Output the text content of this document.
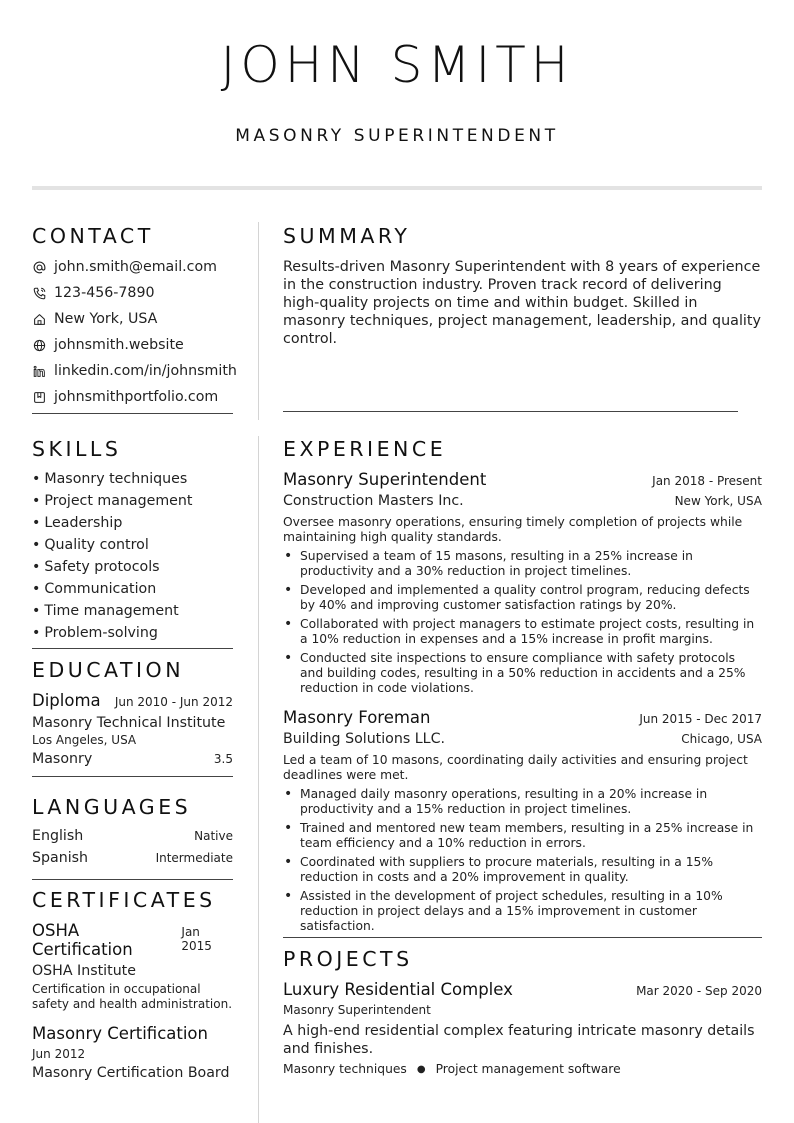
JOHN SMITH
MASONRY SUPERINTENDENT
CONTACT
john.smith@email.com
123-456-7890
New York, USA
johnsmith.website
linkedin.com/in/johnsmith
johnsmithportfolio.com
SUMMARY
Results-driven Masonry Superintendent with 8 years of experience in the construction industry. Proven track record of delivering high-quality projects on time and within budget. Skilled in masonry techniques, project management, leadership, and quality control.
SKILLS
• Masonry techniques
• Project management
• Leadership
• Quality control
• Safety protocols
• Communication
• Time management
• Problem-solving
EDUCATION
Diploma Jun 2010 - Jun 2012
Masonry Technical Institute
Los Angeles, USA
Masonry	3.5
LANGUAGES
English	Native
Spanish	Intermediate
CERTIFICATES
OSHA Certification
Jan 2015
OSHA Institute
Certification in occupational safety and health administration.
Masonry Certification
Jun 2012
Masonry Certification Board
EXPERIENCE
Masonry Superintendent	Jan 2018 - Present
Construction Masters Inc.	New York, USA
Oversee masonry operations, ensuring timely completion of projects while maintaining high quality standards.
• Supervised a team of 15 masons, resulting in a 25% increase in productivity and a 30% reduction in project timelines.
• Developed and implemented a quality control program, reducing defects by 40% and improving customer satisfaction ratings by 20%.
• Collaborated with project managers to estimate project costs, resulting in a 10% reduction in expenses and a 15% increase in profit margins.
• Conducted site inspections to ensure compliance with safety protocols and building codes, resulting in a 50% reduction in accidents and a 25% reduction in code violations.
Masonry Foreman	Jun 2015 - Dec 2017
Building Solutions LLC.	Chicago, USA
Led a team of 10 masons, coordinating daily activities and ensuring project deadlines were met.
• Managed daily masonry operations, resulting in a 20% increase in productivity and a 15% reduction in project timelines.
• Trained and mentored new team members, resulting in a 25% increase in team efficiency and a 10% reduction in errors.
• Coordinated with suppliers to procure materials, resulting in a 15% reduction in costs and a 20% improvement in quality.
• Assisted in the development of project schedules, resulting in a 10% reduction in project delays and a 15% improvement in customer satisfaction.
PROJECTS
Luxury Residential Complex	Mar 2020 - Sep 2020
Masonry Superintendent
A high-end residential complex featuring intricate masonry details and finishes.
Masonry techniques ● Project management software
